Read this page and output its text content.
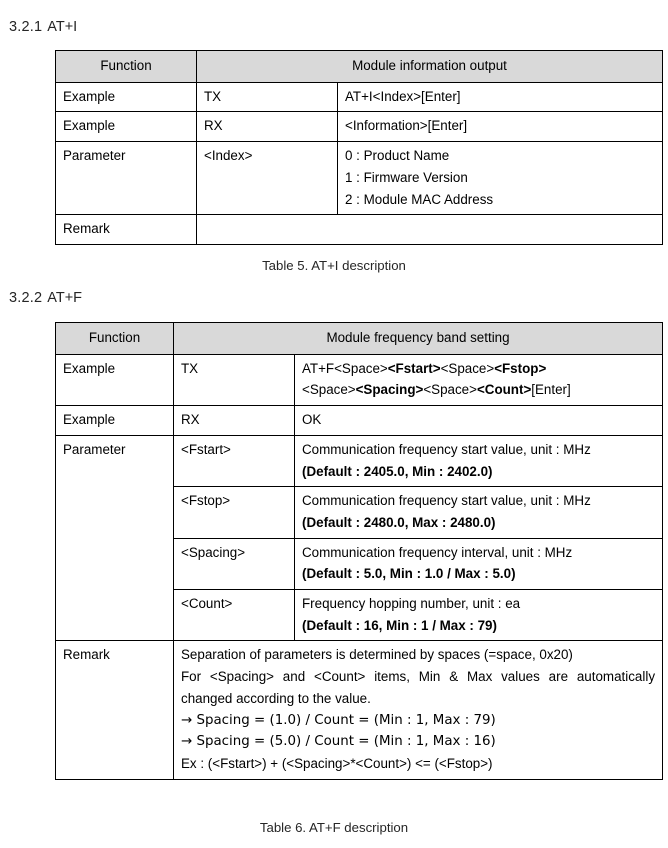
3.2.1 AT+I
Function	Module information output	
Example	TX	AT+I<Index>[Enter]
Example	RX	<Information>[Enter]
Parameter	<Index>	0 : Product Name
1 : Firmware Version
2 : Module MAC Address

Remark		
Table 5. AT+I description
3.2.2 AT+F
Function	Module frequency band setting	
Example	TX	AT+F<Space><Fstart><Space><Fstop>
<Space><Spacing><Space><Count>[Enter]

Example	RX	OK
Parameter	<Fstart>	Communication frequency start value, unit : MHz
(Default : 2405.0, Min : 2402.0)

	<Fstop>	Communication frequency start value, unit : MHz
(Default : 2480.0, Max : 2480.0)

	<Spacing>	Communication frequency interval, unit : MHz
(Default : 5.0, Min : 1.0 / Max : 5.0)

	<Count>	Frequency hopping number, unit : ea
(Default : 16, Min : 1 / Max : 79)

Remark	Separation of parameters is determined by spaces (=space, 0x20)
For <Spacing> and <Count> items, Min & Max values are automatically changed according to the value.
→ Spacing = (1.0) / Count = (Min : 1, Max : 79)
→ Spacing = (5.0) / Count = (Min : 1, Max : 16)
Ex : (<Fstart>) + (<Spacing>*<Count>) <= (<Fstop>)	
Table 6. AT+F description
